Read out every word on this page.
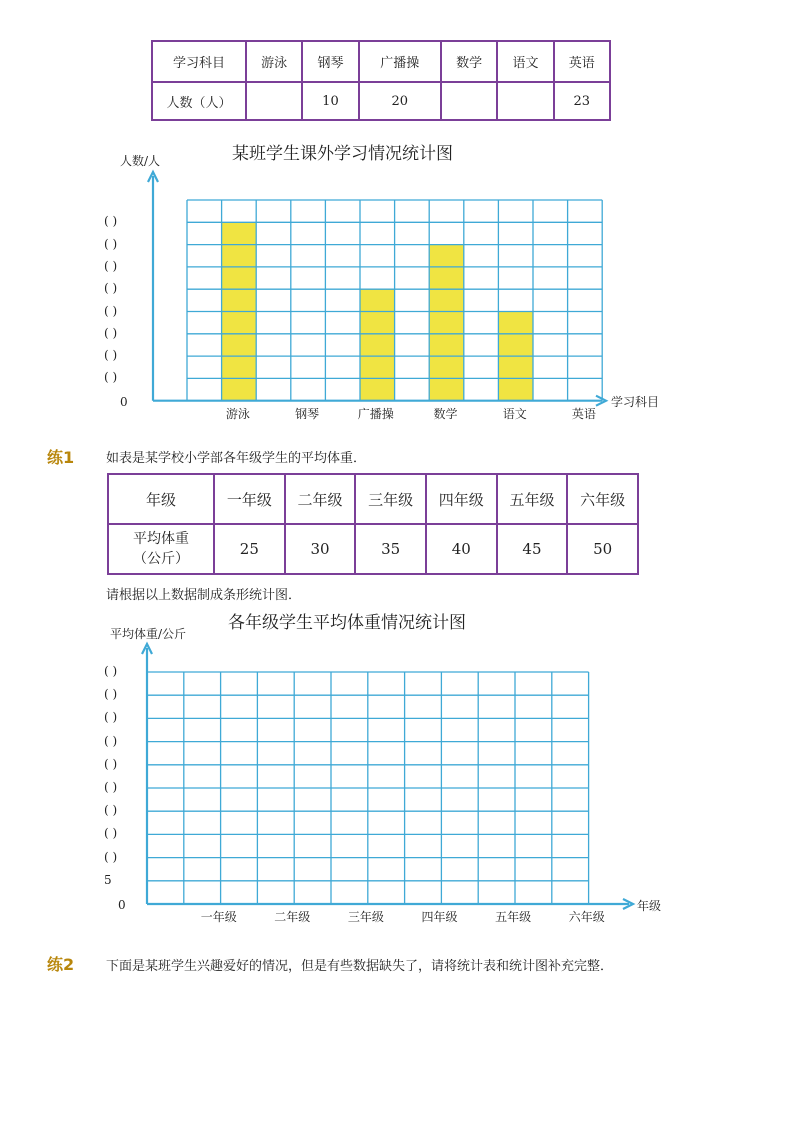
学习科目	游泳	钢琴	广播操	数学	语文	英语
人数（人）		10	20			23
某班学生课外学习情况统计图
人数/人
学习科目
0
游泳	钢琴	广播操	数学	语文	英语
( )
( )
( )
( )
( )
( )
( )
( )
练1 如表是某学校小学部各年级学生的平均体重．
年级	一年级	二年级	三年级	四年级	五年级	六年级

平均体重
（公斤）	25	30	35	40	45	50
请根据以上数据制成条形统计图．
各年级学生平均体重情况统计图
平均体重/公斤
年级
0
一年级	二年级	三年级	四年级	五年级	六年级
5
( )
( )
( )
( )
( )
( )
( )
( )
( )
练2 下面是某班学生兴趣爱好的情况，但是有些数据缺失了，请将统计表和统计图补充完整．
